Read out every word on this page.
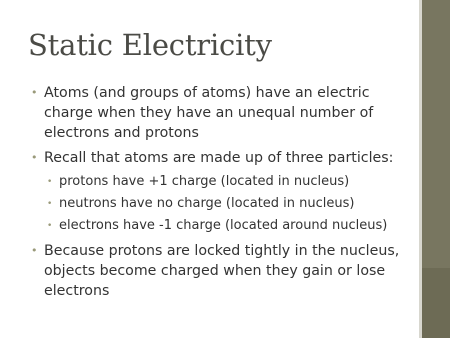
Static Electricity
• Atoms (and groups of atoms) have an electric charge when they have an unequal number of electrons and protons
• Recall that atoms are made up of three particles:
• protons have +1 charge (located in nucleus)
• neutrons have no charge (located in nucleus)
• electrons have -1 charge (located around nucleus)
• Because protons are locked tightly in the nucleus, objects become charged when they gain or lose electrons
